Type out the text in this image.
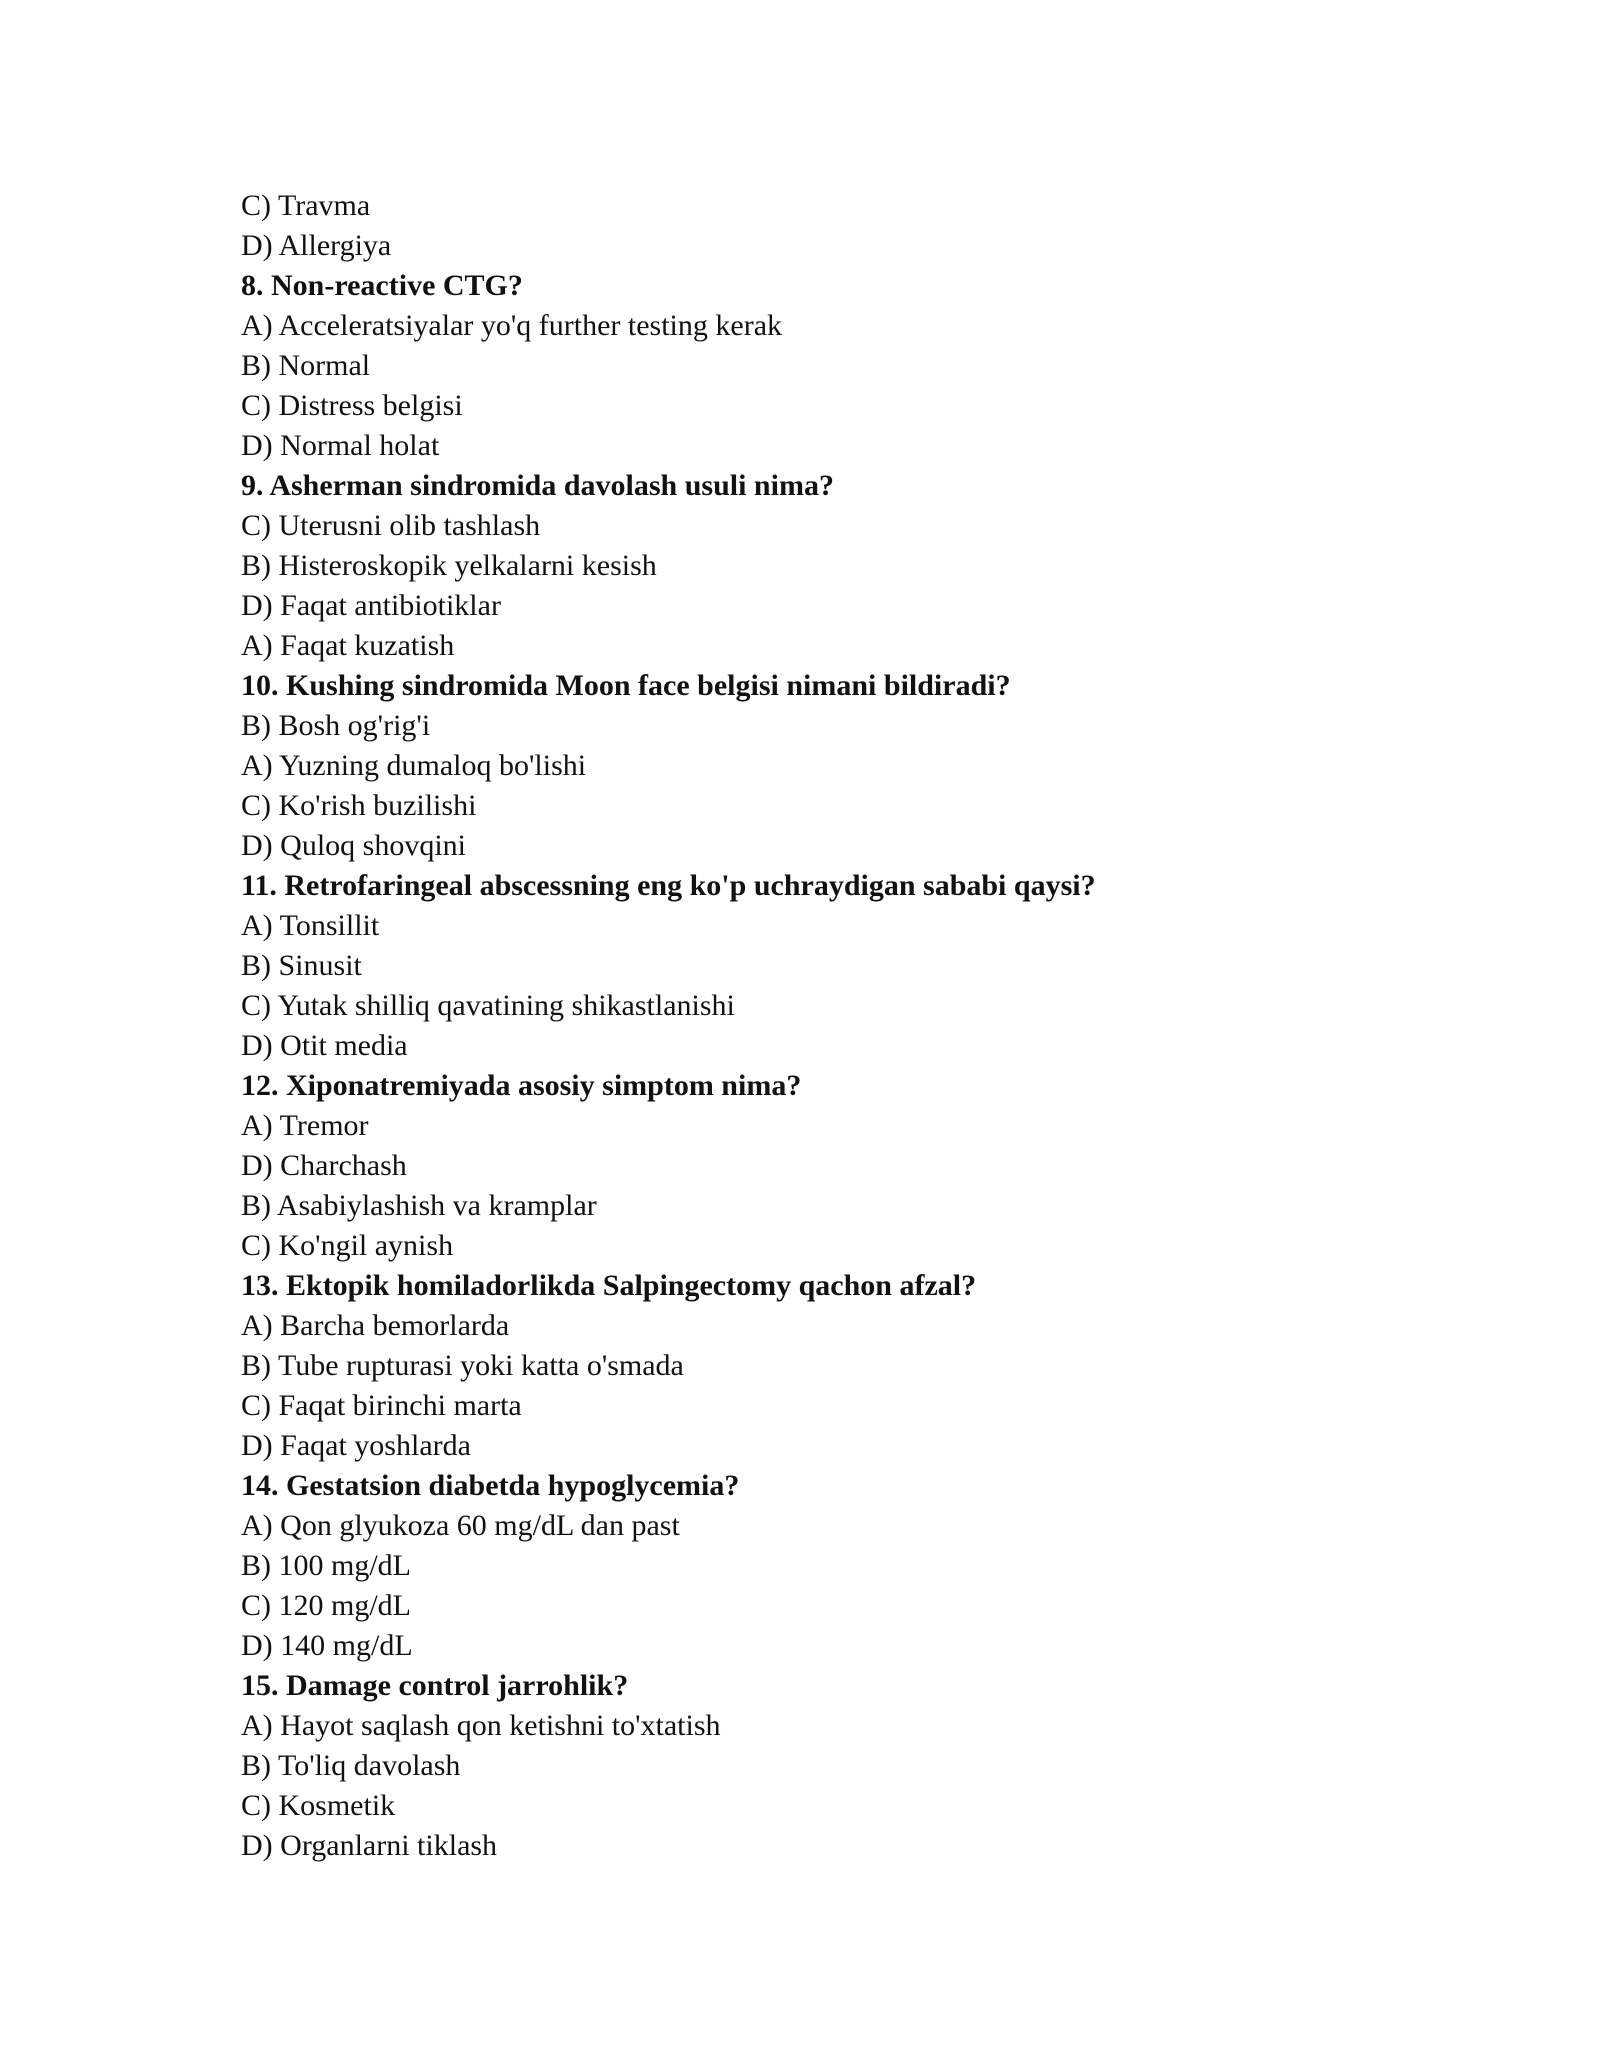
C) Travma
D) Allergiya
8. Non-reactive CTG?
A) Acceleratsiyalar yo'q further testing kerak
B) Normal
C) Distress belgisi
D) Normal holat
9. Asherman sindromida davolash usuli nima?
C) Uterusni olib tashlash
B) Histeroskopik yelkalarni kesish
D) Faqat antibiotiklar
A) Faqat kuzatish
10. Kushing sindromida Moon face belgisi nimani bildiradi?
B) Bosh og'rig'i
A) Yuzning dumaloq bo'lishi
C) Ko'rish buzilishi
D) Quloq shovqini
11. Retrofaringeal abscessning eng ko'p uchraydigan sababi qaysi?
A) Tonsillit
B) Sinusit
C) Yutak shilliq qavatining shikastlanishi
D) Otit media
12. Xiponatremiyada asosiy simptom nima?
A) Tremor
D) Charchash
B) Asabiylashish va kramplar
C) Ko'ngil aynish
13. Ektopik homiladorlikda Salpingectomy qachon afzal?
A) Barcha bemorlarda
B) Tube rupturasi yoki katta o'smada
C) Faqat birinchi marta
D) Faqat yoshlarda
14. Gestatsion diabetda hypoglycemia?
A) Qon glyukoza 60 mg/dL dan past
B) 100 mg/dL
C) 120 mg/dL
D) 140 mg/dL
15. Damage control jarrohlik?
A) Hayot saqlash qon ketishni to'xtatish
B) To'liq davolash
C) Kosmetik
D) Organlarni tiklash
